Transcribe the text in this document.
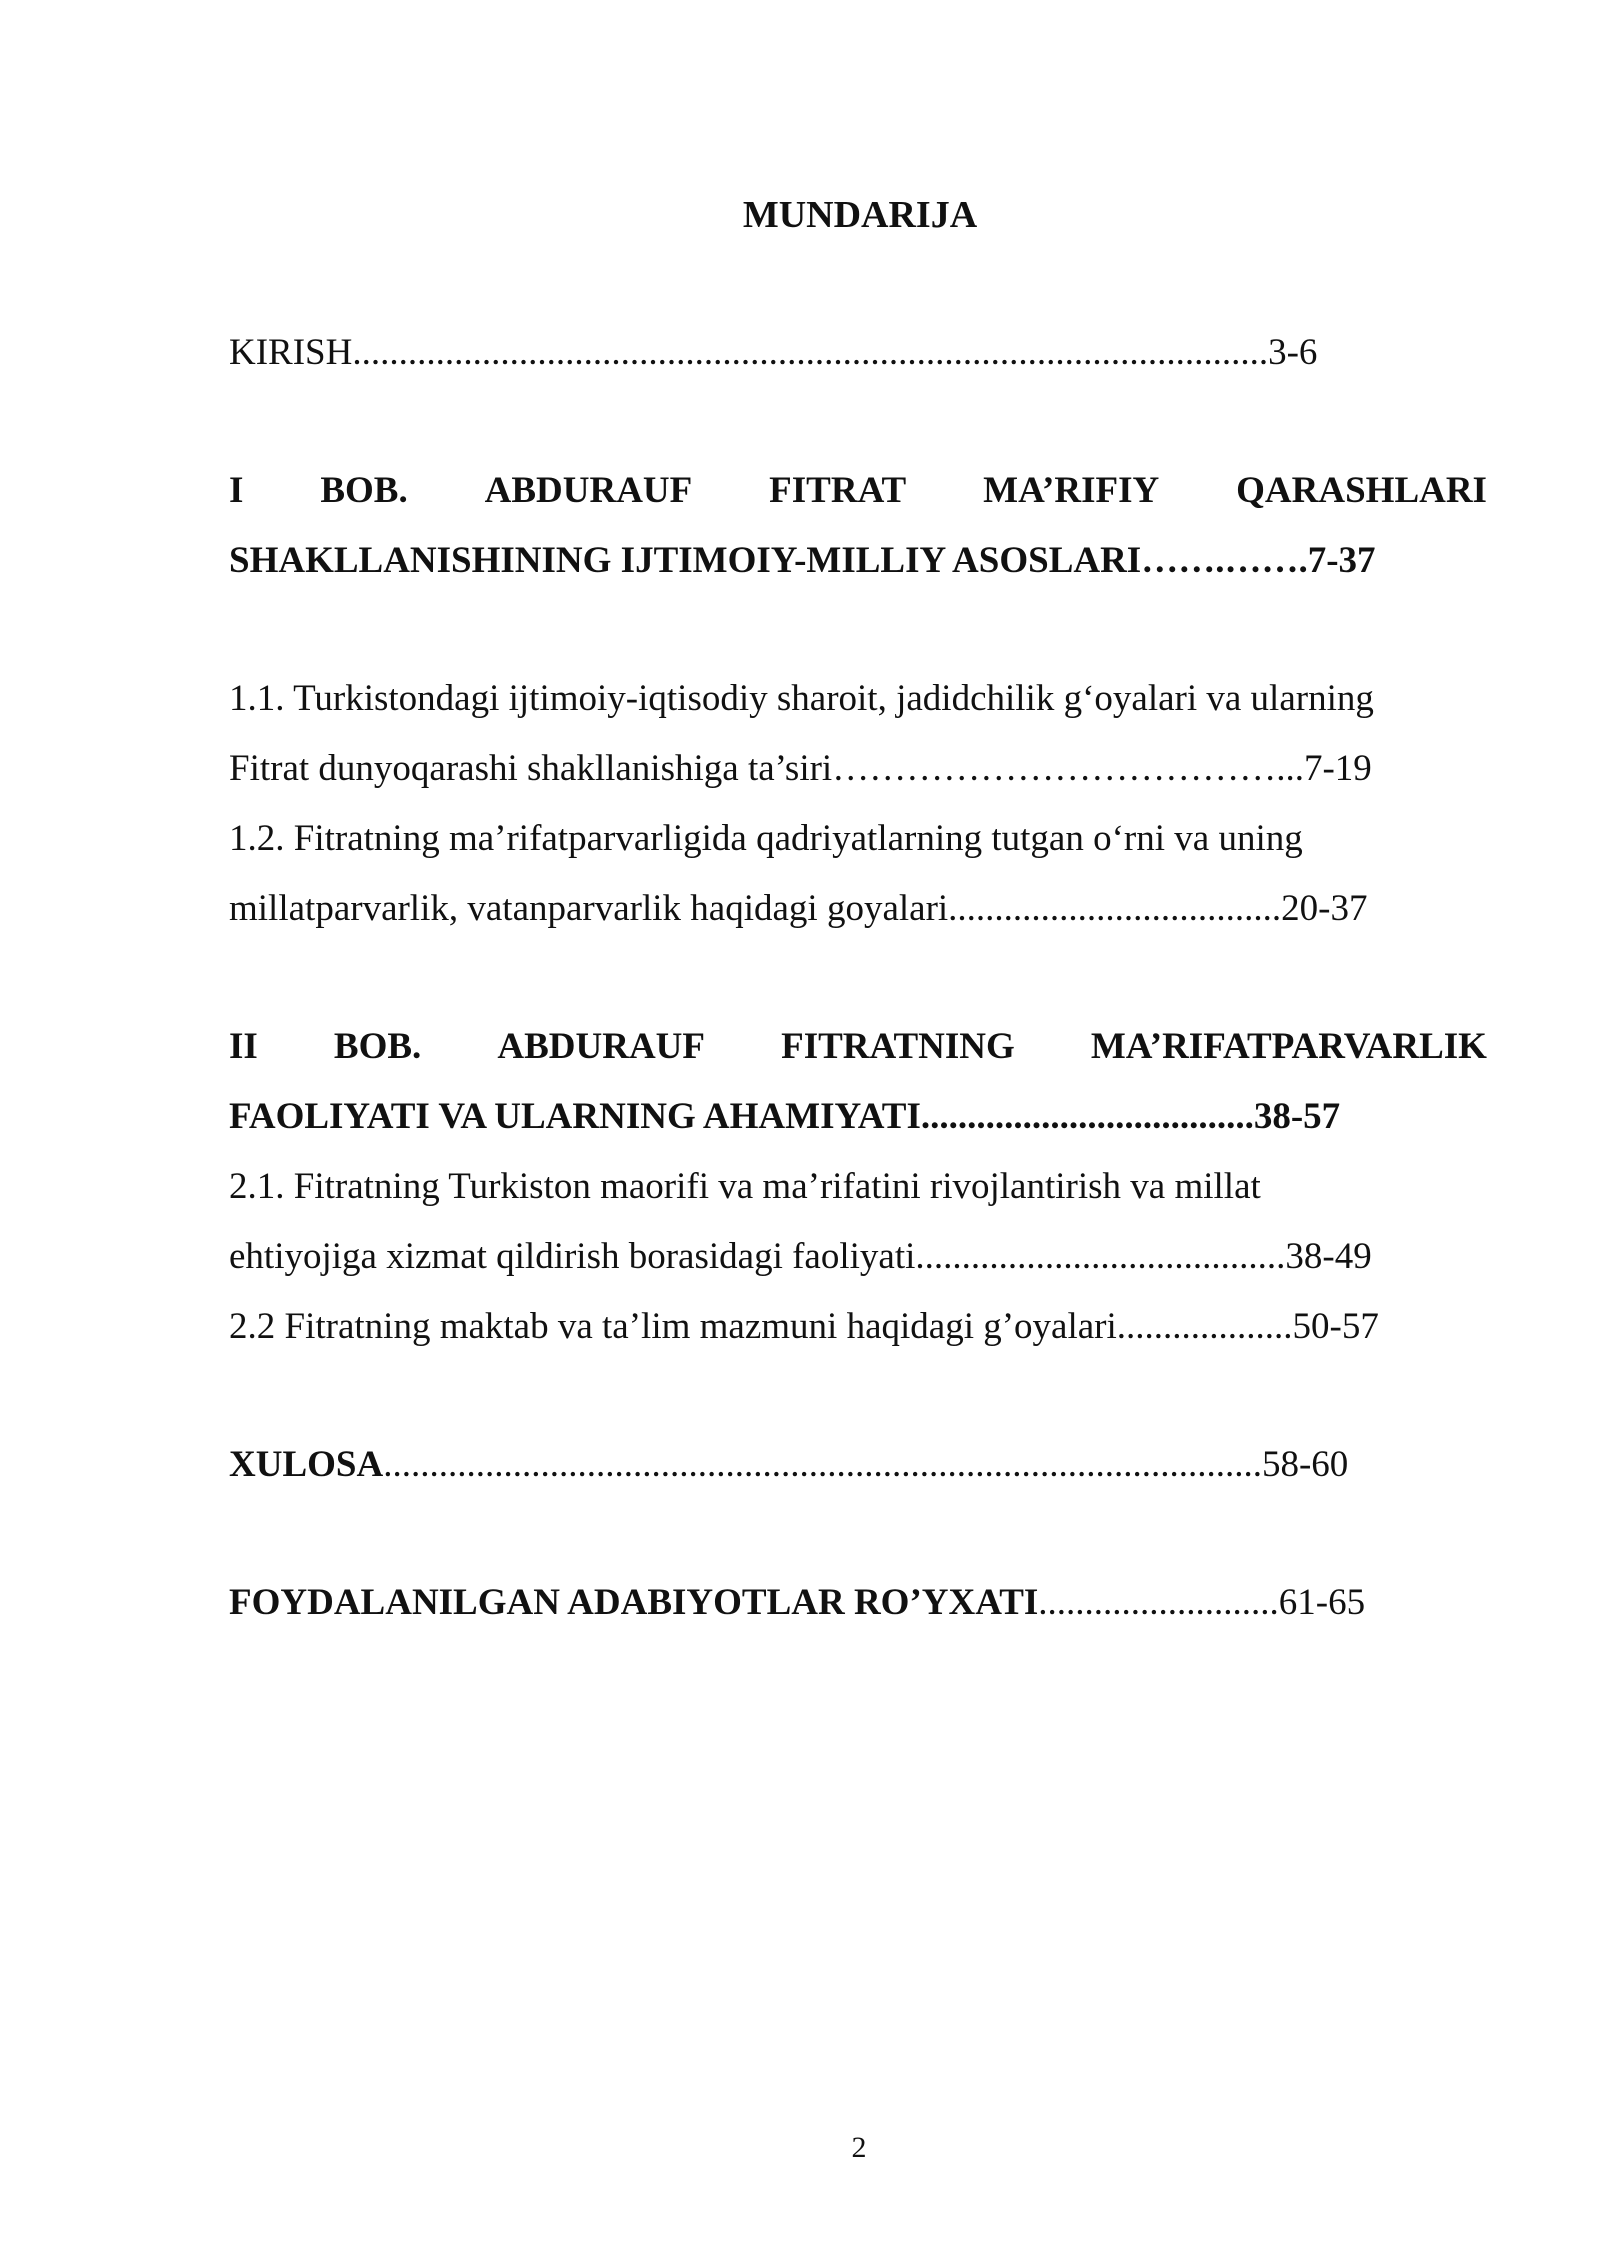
MUNDARIJA
KIRISH...................................................................................................3-6
I BOB. ABDURAUF FITRAT MA’RIFIY QARASHLARI
SHAKLLANISHINING IJTIMOIY-MILLIY ASOSLARI…….…….7-37
1.1. Turkistondagi ijtimoiy-iqtisodiy sharoit, jadidchilik g‘oyalari va ularning
Fitrat dunyoqarashi shakllanishiga ta’siri………………………………...7-19
1.2. Fitratning ma’rifatparvarligida qadriyatlarning tutgan o‘rni va uning
millatparvarlik, vatanparvarlik haqidagi goyalari....................................20-37
II BOB. ABDURAUF FITRATNING MA’RIFATPARVARLIK
FAOLIYATI VA ULARNING AHAMIYATI....................................38-57
2.1. Fitratning Turkiston maorifi va ma’rifatini rivojlantirish va millat
ehtiyojiga xizmat qildirish borasidagi faoliyati........................................38-49
2.2 Fitratning maktab va ta’lim mazmuni haqidagi g’oyalari...................50-57
XULOSA...............................................................................................58-60
FOYDALANILGAN ADABIYOTLAR RO’YXATI..........................61-65
2
